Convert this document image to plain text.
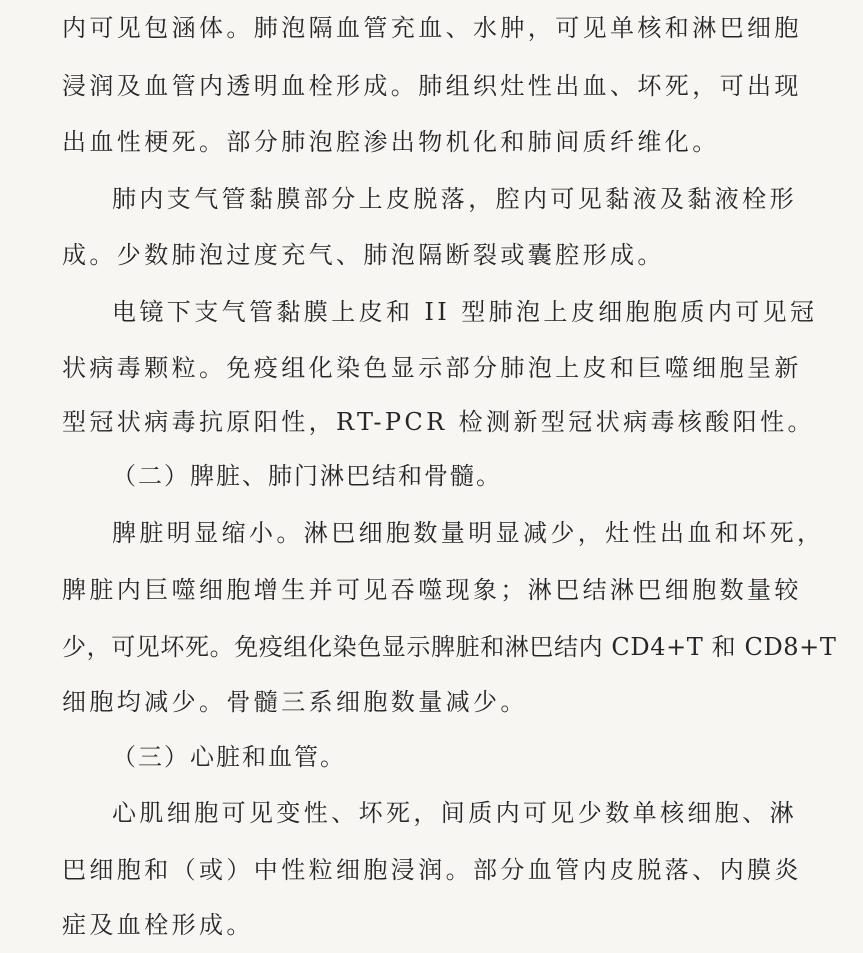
内可见包涵体。肺泡隔血管充血、水肿，可见单核和淋巴细胞
浸润及血管内透明血栓形成。肺组织灶性出血、坏死，可出现
出血性梗死。部分肺泡腔渗出物机化和肺间质纤维化。
肺内支气管黏膜部分上皮脱落，腔内可见黏液及黏液栓形
成。少数肺泡过度充气、肺泡隔断裂或囊腔形成。
电镜下支气管黏膜上皮和 II 型肺泡上皮细胞胞质内可见冠
状病毒颗粒。免疫组化染色显示部分肺泡上皮和巨噬细胞呈新
型冠状病毒抗原阳性，RT-PCR 检测新型冠状病毒核酸阳性。
（二）脾脏、肺门淋巴结和骨髓。
脾脏明显缩小。淋巴细胞数量明显减少，灶性出血和坏死，
脾脏内巨噬细胞增生并可见吞噬现象；淋巴结淋巴细胞数量较
少，可见坏死。免疫组化染色显示脾脏和淋巴结内 CD4+T 和 CD8+T
细胞均减少。骨髓三系细胞数量减少。
（三）心脏和血管。
心肌细胞可见变性、坏死，间质内可见少数单核细胞、淋
巴细胞和（或）中性粒细胞浸润。部分血管内皮脱落、内膜炎
症及血栓形成。
